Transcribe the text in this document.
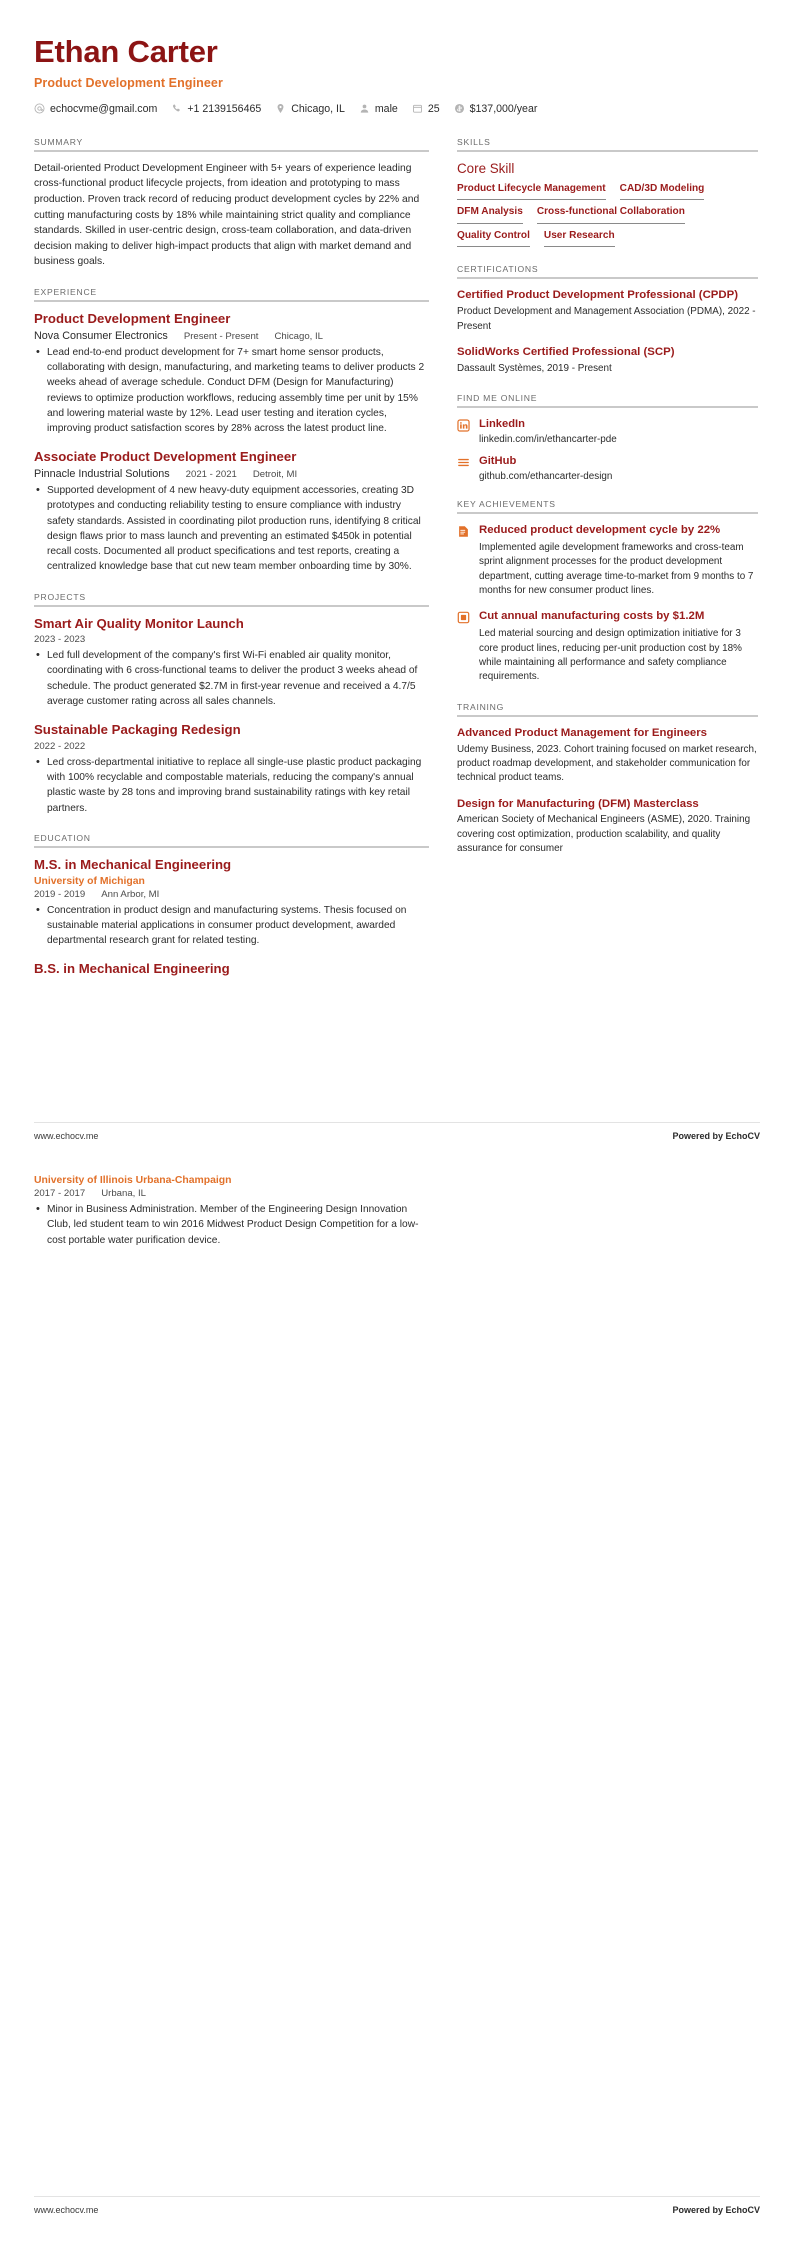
Ethan Carter
Product Development Engineer
echocvme@gmail.com	+1 2139156465	Chicago, IL	male	25	$137,000/year
SUMMARY
Detail-oriented Product Development Engineer with 5+ years of experience leading cross-functional product lifecycle projects, from ideation and prototyping to mass production. Proven track record of reducing product development cycles by 22% and cutting manufacturing costs by 18% while maintaining strict quality and compliance standards. Skilled in user-centric design, cross-team collaboration, and data-driven decision making to deliver high-impact products that align with market demand and business goals.
EXPERIENCE
Product Development Engineer
Nova Consumer Electronics Present - Present Chicago, IL
• Lead end-to-end product development for 7+ smart home sensor products, collaborating with design, manufacturing, and marketing teams to deliver products 2 weeks ahead of average schedule. Conduct DFM (Design for Manufacturing) reviews to optimize production workflows, reducing assembly time per unit by 15% and lowering material waste by 12%. Lead user testing and iteration cycles, improving product satisfaction scores by 28% across the latest product line.
Associate Product Development Engineer
Pinnacle Industrial Solutions 2021 - 2021 Detroit, MI
• Supported development of 4 new heavy-duty equipment accessories, creating 3D prototypes and conducting reliability testing to ensure compliance with industry safety standards. Assisted in coordinating pilot production runs, identifying 8 critical design flaws prior to mass launch and preventing an estimated $450k in potential recall costs. Documented all product specifications and test reports, creating a centralized knowledge base that cut new team member onboarding time by 30%.
PROJECTS
Smart Air Quality Monitor Launch
2023 - 2023
• Led full development of the company's first Wi-Fi enabled air quality monitor, coordinating with 6 cross-functional teams to deliver the product 3 weeks ahead of schedule. The product generated $2.7M in first-year revenue and received a 4.7/5 average customer rating across all sales channels.
Sustainable Packaging Redesign
2022 - 2022
• Led cross-departmental initiative to replace all single-use plastic product packaging with 100% recyclable and compostable materials, reducing the company's annual plastic waste by 28 tons and improving brand sustainability ratings with key retail partners.
EDUCATION
M.S. in Mechanical Engineering
University of Michigan
2019 - 2019 Ann Arbor, MI
• Concentration in product design and manufacturing systems. Thesis focused on sustainable material applications in consumer product development, awarded departmental research grant for related testing.
B.S. in Mechanical Engineering
SKILLS
Core Skill
Product Lifecycle Management CAD/3D Modeling
DFM Analysis Cross-functional Collaboration
Quality Control User Research
CERTIFICATIONS
Certified Product Development Professional (CPDP)
Product Development and Management Association (PDMA), 2022 - Present
SolidWorks Certified Professional (SCP)
Dassault Systèmes, 2019 - Present
FIND ME ONLINE
LinkedIn
linkedin.com/in/ethancarter-pde
GitHub
github.com/ethancarter-design
KEY ACHIEVEMENTS
Reduced product development cycle by 22%
Implemented agile development frameworks and cross-team sprint alignment processes for the product development department, cutting average time-to-market from 9 months to 7 months for new consumer product lines.
Cut annual manufacturing costs by $1.2M
Led material sourcing and design optimization initiative for 3 core product lines, reducing per-unit production cost by 18% while maintaining all performance and safety compliance requirements.
TRAINING
Advanced Product Management for Engineers
Udemy Business, 2023. Cohort training focused on market research, product roadmap development, and stakeholder communication for technical product teams.
Design for Manufacturing (DFM) Masterclass
American Society of Mechanical Engineers (ASME), 2020. Training covering cost optimization, production scalability, and quality assurance for consumer
www.echocv.me	Powered by EchoCV
University of Illinois Urbana-Champaign
2017 - 2017 Urbana, IL
• Minor in Business Administration. Member of the Engineering Design Innovation Club, led student team to win 2016 Midwest Product Design Competition for a low-cost portable water purification device.
www.echocv.me	Powered by EchoCV
